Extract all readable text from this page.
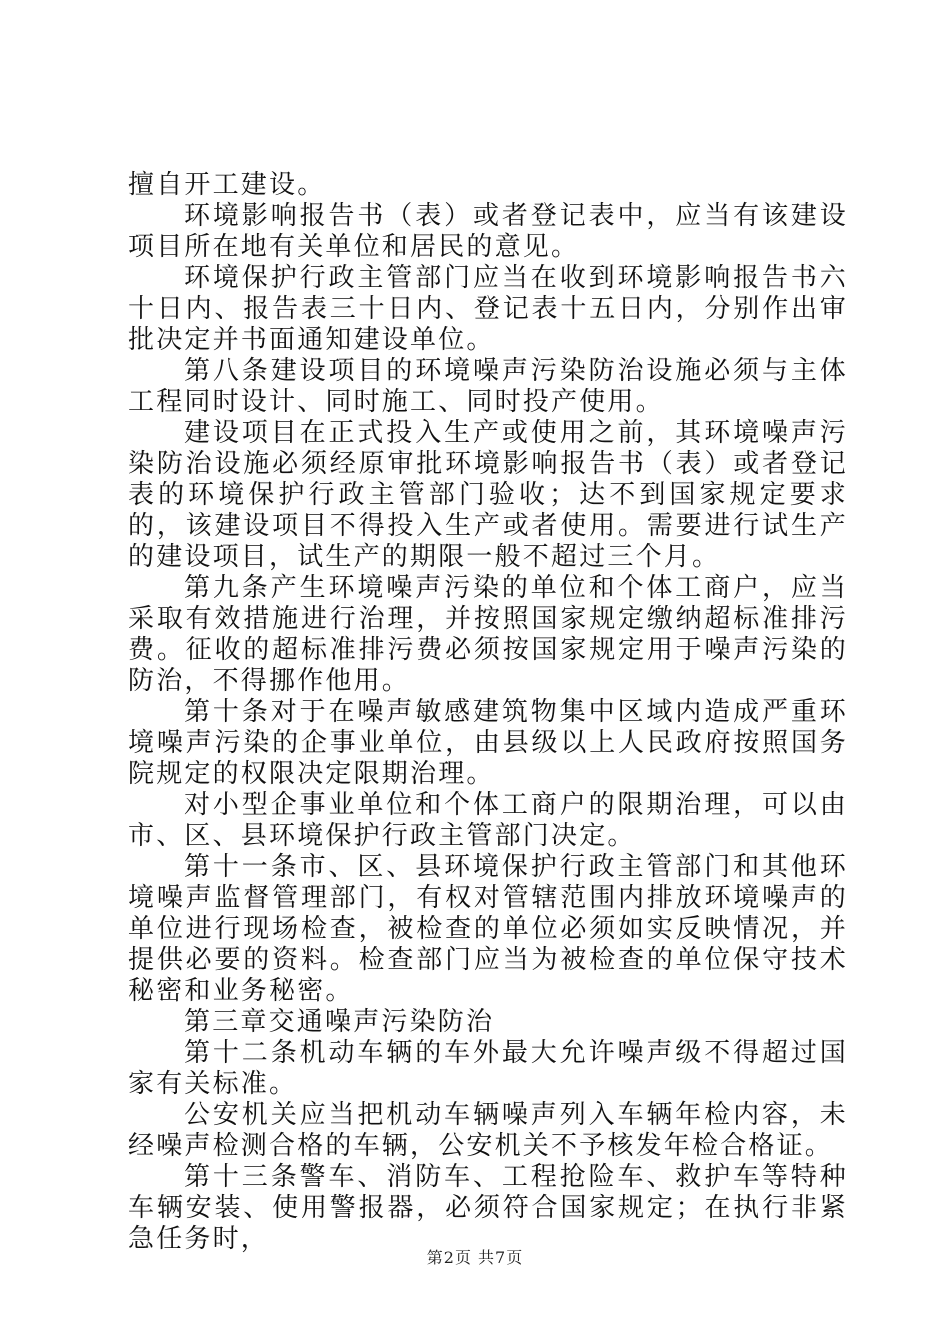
擅自开工建设。

环境影响报告书（表）或者登记表中，应当有该建设项目所在地有关单位和居民的意见。

环境保护行政主管部门应当在收到环境影响报告书六十日内、报告表三十日内、登记表十五日内，分别作出审批决定并书面通知建设单位。

第八条建设项目的环境噪声污染防治设施必须与主体工程同时设计、同时施工、同时投产使用。

建设项目在正式投入生产或使用之前，其环境噪声污染防治设施必须经原审批环境影响报告书（表）或者登记表的环境保护行政主管部门验收；达不到国家规定要求的，该建设项目不得投入生产或者使用。需要进行试生产的建设项目，试生产的期限一般不超过三个月。

第九条产生环境噪声污染的单位和个体工商户，应当采取有效措施进行治理，并按照国家规定缴纳超标准排污费。征收的超标准排污费必须按国家规定用于噪声污染的防治，不得挪作他用。

第十条对于在噪声敏感建筑物集中区域内造成严重环境噪声污染的企事业单位，由县级以上人民政府按照国务院规定的权限决定限期治理。

对小型企事业单位和个体工商户的限期治理，可以由市、区、县环境保护行政主管部门决定。

第十一条市、区、县环境保护行政主管部门和其他环境噪声监督管理部门，有权对管辖范围内排放环境噪声的单位进行现场检查，被检查的单位必须如实反映情况，并提供必要的资料。检查部门应当为被检查的单位保守技术秘密和业务秘密。

第三章交通噪声污染防治

第十二条机动车辆的车外最大允许噪声级不得超过国家有关标准。

公安机关应当把机动车辆噪声列入车辆年检内容，未经噪声检测合格的车辆，公安机关不予核发年检合格证。

第十三条警车、消防车、工程抢险车、救护车等特种车辆安装、使用警报器，必须符合国家规定；在执行非紧急任务时，

第2页 共7页
